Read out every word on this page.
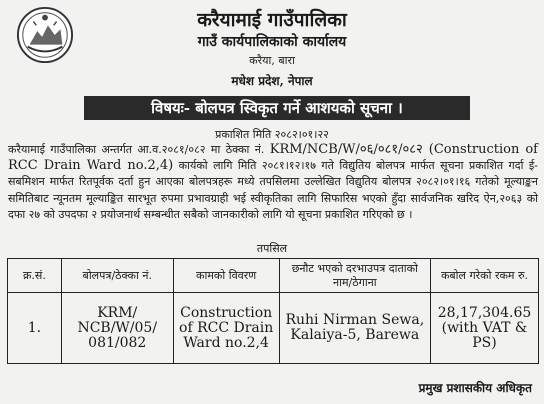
करैयामाई गाउँपालिका
गाउँ कार्यपालिकाको कार्यालय
करैया, बारा
मधेश प्रदेश, नेपाल
विषयः- बोलपत्र स्विकृत गर्ने आशयको सूचना ।
प्रकाशित मिति २०८२।०१।२२
करैयामाई गाउँपालिका अन्तर्गत आ.व.२०८१/०८२ मा ठेक्का नं. KRM/NCB/W/०६/०८१/०८२ (Construction of RCC Drain Ward no.2,4) कार्यको लागि मिति २०८१।१२।१७ गते विद्युतिय बोलपत्र मार्फत सूचना प्रकाशित गर्दा ई-सबमिशन मार्फत रितपूर्वक दर्ता हुन आएका बोलपत्रहरू मध्ये तपसिलमा उल्लेखित विद्युतिय बोलपत्र २०८२।०१।१६ गतेको मूल्याङ्कन समितिबाट न्यूनतम मूल्याङ्कित सारभूत रुपमा प्रभावग्राही भई स्वीकृतिका लागि सिफारिस भएको हुँदा सार्वजनिक खरिद ऐन,२०६३ को दफा २७ को उपदफा २ प्रयोजनार्थ सम्बन्धीत सबैको जानकारीको लागि यो सूचना प्रकाशित गरिएको छ ।
तपसिल
क्र.सं.	बोलपत्र/ठेक्का नं.	कामको विवरण	छनौट भएको दरभाउपत्र दाताको नाम/ठेगाना	कबोल गरेको रकम रु.
1.	KRM/ NCB/W/05/ 081/082	Construction of RCC Drain Ward no.2,4	Ruhi Nirman Sewa, Kalaiya-5, Barewa	28,17,304.65 (with VAT & PS)
प्रमुख प्रशासकीय अधिकृत
